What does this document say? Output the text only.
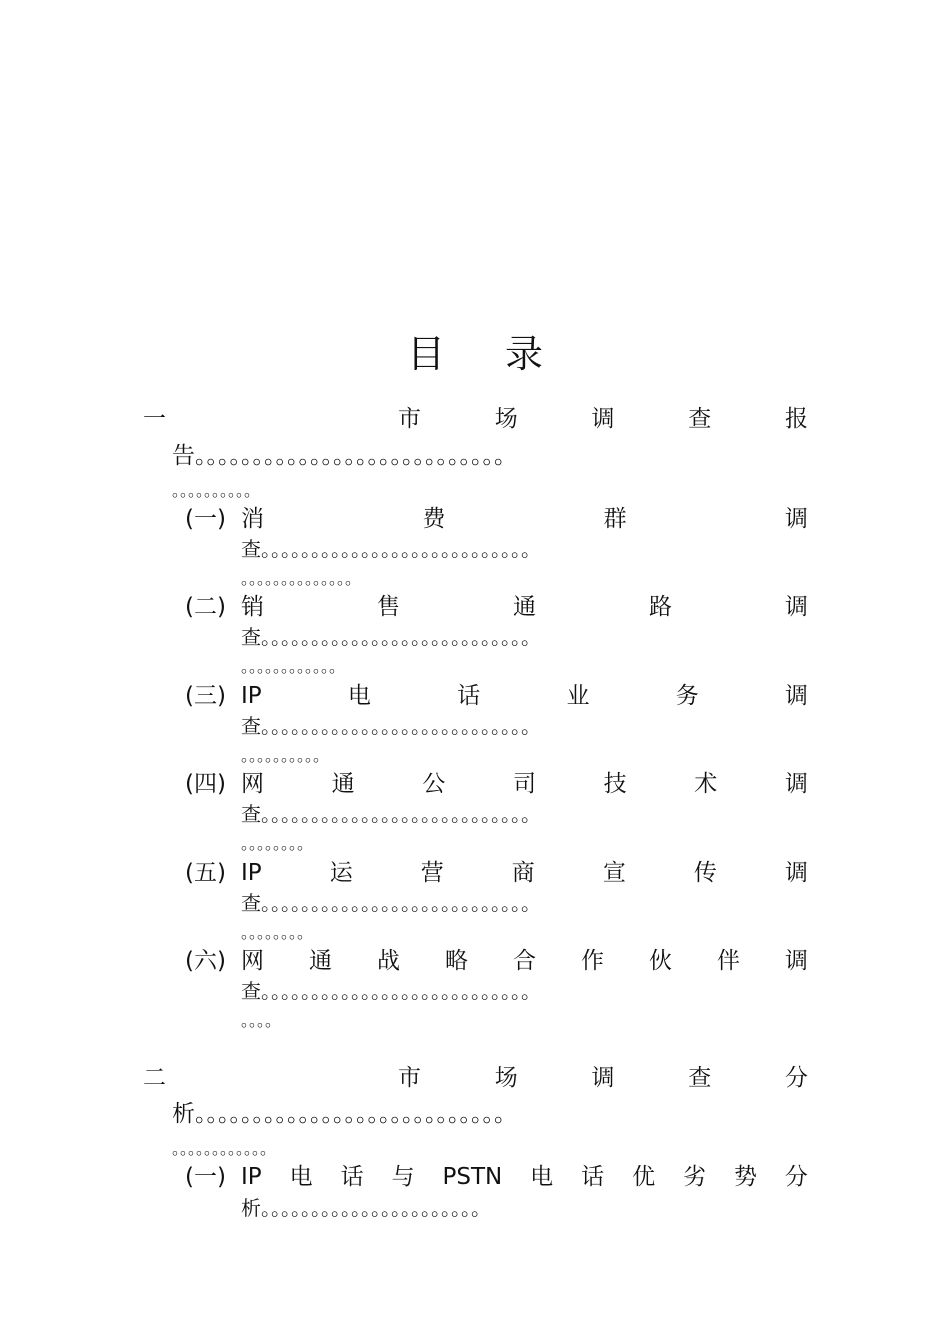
目 录
一	市	场	调	查	报
告。。。。。。。。。。。。。。。。。。。。。。。。。。。
。。。。。。。。。。
(一) 消	费	群	调
查。。。。。。。。。。。。。。。。。。。。。。。。。。。
。。。。。。。。。。。。。。
(二) 销	售	通	路	调
查。。。。。。。。。。。。。。。。。。。。。。。。。。。
。。。。。。。。。。。。
(三) IP	电	话	业	务	调
查。。。。。。。。。。。。。。。。。。。。。。。。。。。
。。。。。。。。。。
(四) 网	通	公	司	技	术	调
查。。。。。。。。。。。。。。。。。。。。。。。。。。。
。。。。。。。。
(五) IP	运	营	商	宣	传	调
查。。。。。。。。。。。。。。。。。。。。。。。。。。。
。。。。。。。。
(六) 网 通 战 略 合 作 伙 伴 调
查。。。。。。。。。。。。。。。。。。。。。。。。。。。
。。。。
二	市	场	调	查	分
析。。。。。。。。。。。。。。。。。。。。。。。。。。。
。。。。。。。。。。。。
(一) IP 电 话 与 PSTN 电 话 优 劣 势 分
析。。。。。。。。。。。。。。。。。。。。。。
